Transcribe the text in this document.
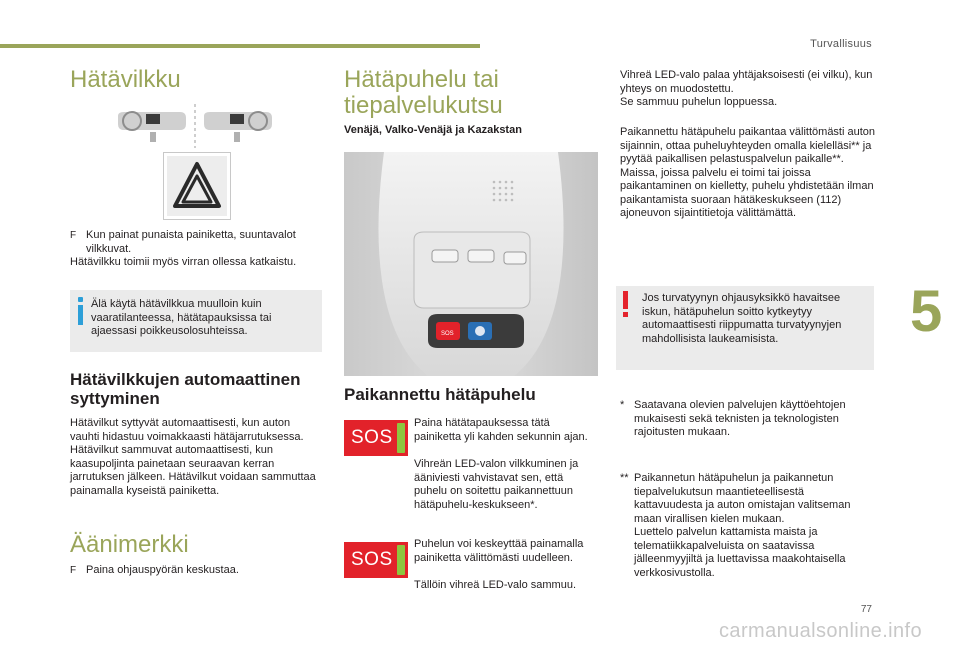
Turvallisuus
5
Hätävilkku
F Kun painat punaista painiketta, suuntavalot vilkkuvat.
Hätävilkku toimii myös virran ollessa katkaistu.
Älä käytä hätävilkkua muulloin kuin vaaratilanteessa, hätätapauksissa tai ajaessasi poikkeusolosuhteissa.
Hätävilkkujen automaattinen syttyminen
Hätävilkut syttyvät automaattisesti, kun auton vauhti hidastuu voimakkaasti hätäjarrutuksessa. Hätävilkut sammuvat automaattisesti, kun kaasupoljinta painetaan seuraavan kerran jarrutuksen jälkeen. Hätävilkut voidaan sammuttaa painamalla kyseistä painiketta.
Äänimerkki
F Paina ohjauspyörän keskustaa.
Hätäpuhelu tai tiepalvelukutsu
Venäjä, Valko-Venäjä ja Kazakstan
SOS
Paikannettu hätäpuhelu
SOS
Paina hätätapauksessa tätä painiketta yli kahden sekunnin ajan.
Vihreän LED-valon vilkkuminen ja ääniviesti vahvistavat sen, että puhelu on soitettu paikannettuun hätäpuhelu-keskukseen*.
SOS
Puhelun voi keskeyttää painamalla painiketta välittömästi uudelleen.
Tällöin vihreä LED-valo sammuu.
Vihreä LED-valo palaa yhtäjaksoisesti (ei vilku), kun yhteys on muodostettu.
Se sammuu puhelun loppuessa.
Paikannettu hätäpuhelu paikantaa välittömästi auton sijainnin, ottaa puheluyhteyden omalla kielelläsi** ja pyytää paikallisen pelastuspalvelun paikalle**. Maissa, joissa palvelu ei toimi tai joissa paikantaminen on kielletty, puhelu yhdistetään ilman paikantamista suoraan hätäkeskukseen (112) ajoneuvon sijaintitietoja välittämättä.
Jos turvatyynyn ohjausyksikkö havaitsee iskun, hätäpuhelun soitto kytkeytyy automaattisesti riippumatta turvatyynyjen mahdollisista laukeamisista.
* Saatavana olevien palvelujen käyttöehtojen mukaisesti sekä teknisten ja teknologisten rajoitusten mukaan.
** Paikannetun hätäpuhelun ja paikannetun tiepalvelukutsun maantieteellisestä kattavuudesta ja auton omistajan valitseman maan virallisen kielen mukaan.
Luettelo palvelun kattamista maista ja telematiikkapalveluista on saatavissa jälleenmyyjiltä ja luettavissa maakohtaisella verkkosivustolla.
77
carmanualsonline.info
